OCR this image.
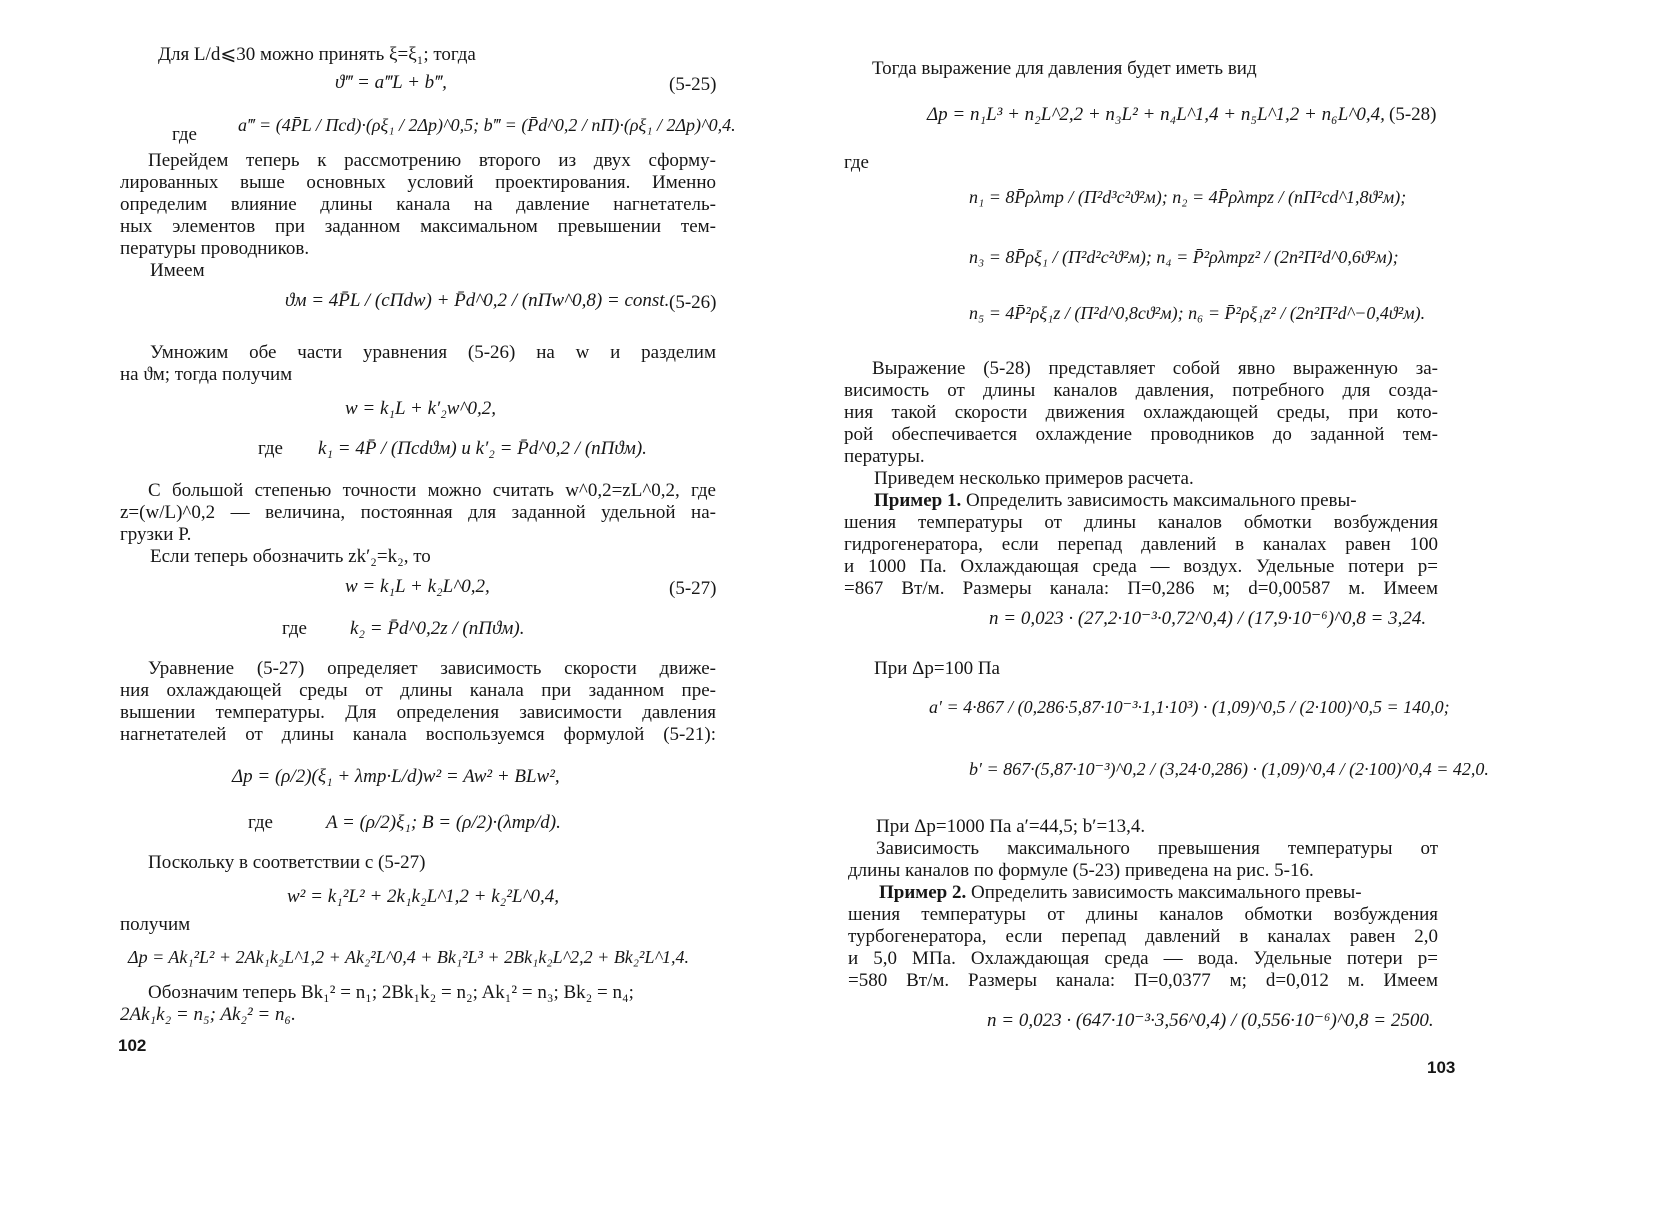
Для L/d⩽30 можно принять ξ=ξ₁; тогда
ϑ‴ = a‴L + b‴,	(5-25)
где a‴ = (4P̄L / Πcd)·(ρξ₁ / 2Δp)^0,5; b‴ = (P̄d^0,2 / nΠ)·(ρξ₁ / 2Δp)^0,4.
Перейдем теперь к рассмотрению второго из двух сформу-
лированных выше основных условий проектирования. Именно
определим влияние длины канала на давление нагнетатель-
ных элементов при заданном максимальном превышении тем-
пературы проводников.
Имеем
ϑм = 4P̄L / (cΠdw) + P̄d^0,2 / (nΠw^0,8) = const. (5-26)
Умножим обе части уравнения (5-26) на w и разделим
на ϑм; тогда получим
w = k₁L + k′₂w^0,2,
где k₁ = 4P̄ / (Πcdϑм) и k′₂ = P̄d^0,2 / (nΠϑм).
С большой степенью точности можно считать w^0,2=zL^0,2, где
z=(w/L)^0,2 — величина, постоянная для заданной удельной на-
грузки P.
Если теперь обозначить zk′₂=k₂, то
w = k₁L + k₂L^0,2,	(5-27)
где k₂ = P̄d^0,2z / (nΠϑм).
Уравнение (5-27) определяет зависимость скорости движе-
ния охлаждающей среды от длины канала при заданном пре-
вышении температуры. Для определения зависимости давления
нагнетателей от длины канала воспользуемся формулой (5-21):
Δp = (ρ/2)(ξ₁ + λтр·L/d)w² = Aw² + BLw²,
где	A = (ρ/2)ξ₁; B = (ρ/2)·(λтр/d).
Поскольку в соответствии с (5-27)
w² = k₁²L² + 2k₁k₂L^1,2 + k₂²L^0,4,
получим
Δp = Ak₁²L² + 2Ak₁k₂L^1,2 + Ak₂²L^0,4 + Bk₁²L³ + 2Bk₁k₂L^2,2 + Bk₂²L^1,4.
Обозначим теперь Bk₁² = n₁; 2Bk₁k₂ = n₂; Ak₁² = n₃; Bk₂ = n₄;
2Ak₁k₂ = n₅; Ak₂² = n₆.
102
Тогда выражение для давления будет иметь вид
Δp = n₁L³ + n₂L^2,2 + n₃L² + n₄L^1,4 + n₅L^1,2 + n₆L^0,4, (5-28)
где
n₁ = 8P̄ρλтр / (Π²d³c²ϑ²м); n₂ = 4P̄ρλтрz / (nΠ²cd^1,8ϑ²м);
n₃ = 8P̄ρξ₁ / (Π²d²c²ϑ²м); n₄ = P̄²ρλтрz² / (2n²Π²d^0,6ϑ²м);
n₅ = 4P̄²ρξ₁z / (Π²d^0,8cϑ²м); n₆ = P̄²ρξ₁z² / (2n²Π²d^−0,4ϑ²м).
Выражение (5-28) представляет собой явно выраженную за-
висимость от длины каналов давления, потребного для созда-
ния такой скорости движения охлаждающей среды, при кото-
рой обеспечивается охлаждение проводников до заданной тем-
пературы.
Приведем несколько примеров расчета.
Пример 1. Определить зависимость максимального превы-
шения температуры от длины каналов обмотки возбуждения
гидрогенератора, если перепад давлений в каналах равен 100
и 1000 Па. Охлаждающая среда — воздух. Удельные потери p=
=867 Вт/м. Размеры канала: Π=0,286 м; d=0,00587 м. Имеем
n = 0,023 · (27,2·10⁻³·0,72^0,4) / (17,9·10⁻⁶)^0,8 = 3,24.
При Δp=100 Па
a′ = 4·867 / (0,286·5,87·10⁻³·1,1·10³) · (1,09)^0,5 / (2·100)^0,5 = 140,0;
b′ = 867·(5,87·10⁻³)^0,2 / (3,24·0,286) · (1,09)^0,4 / (2·100)^0,4 = 42,0.
При Δp=1000 Па a′=44,5; b′=13,4.
Зависимость максимального превышения температуры от
длины каналов по формуле (5-23) приведена на рис. 5-16.
Пример 2. Определить зависимость максимального превы-
шения температуры от длины каналов обмотки возбуждения
турбогенератора, если перепад давлений в каналах равен 2,0
и 5,0 МПа. Охлаждающая среда — вода. Удельные потери p=
=580 Вт/м. Размеры канала: Π=0,0377 м; d=0,012 м. Имеем
n = 0,023 · (647·10⁻³·3,56^0,4) / (0,556·10⁻⁶)^0,8 = 2500.
103
